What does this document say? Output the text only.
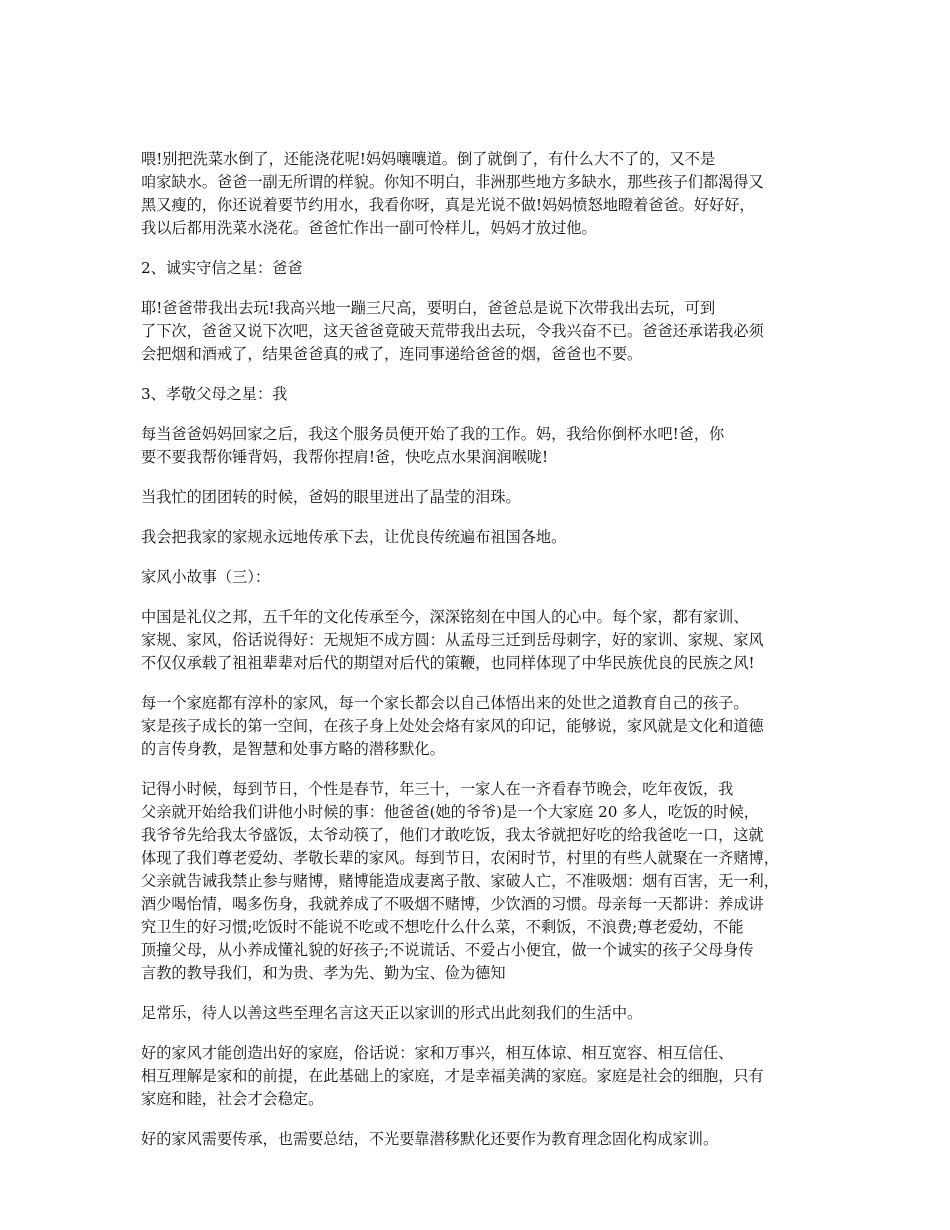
喂!别把洗菜水倒了，还能浇花呢!妈妈嚷嚷道。倒了就倒了，有什么大不了的，又不是
咱家缺水。爸爸一副无所谓的样貌。你知不明白，非洲那些地方多缺水，那些孩子们都渴得又
黑又瘦的，你还说着要节约用水，我看你呀，真是光说不做!妈妈愤怒地瞪着爸爸。好好好，
我以后都用洗菜水浇花。爸爸忙作出一副可怜样儿，妈妈才放过他。

2、诚实守信之星：爸爸

耶!爸爸带我出去玩!我高兴地一蹦三尺高，要明白，爸爸总是说下次带我出去玩，可到
了下次，爸爸又说下次吧，这天爸爸竟破天荒带我出去玩，令我兴奋不已。爸爸还承诺我必须
会把烟和酒戒了，结果爸爸真的戒了，连同事递给爸爸的烟，爸爸也不要。

3、孝敬父母之星：我

每当爸爸妈妈回家之后，我这个服务员便开始了我的工作。妈，我给你倒杯水吧!爸，你
要不要我帮你锤背妈，我帮你捏肩!爸，快吃点水果润润喉咙!

当我忙的团团转的时候，爸妈的眼里迸出了晶莹的泪珠。

我会把我家的家规永远地传承下去，让优良传统遍布祖国各地。

家风小故事（三）：

中国是礼仪之邦，五千年的文化传承至今，深深铭刻在中国人的心中。每个家，都有家训、
家规、家风，俗话说得好：无规矩不成方圆：从孟母三迁到岳母刺字，好的家训、家规、家风
不仅仅承载了祖祖辈辈对后代的期望对后代的策鞭，也同样体现了中华民族优良的民族之风!

每一个家庭都有淳朴的家风，每一个家长都会以自己体悟出来的处世之道教育自己的孩子。
家是孩子成长的第一空间，在孩子身上处处会烙有家风的印记，能够说，家风就是文化和道德
的言传身教，是智慧和处事方略的潜移默化。

记得小时候，每到节日，个性是春节，年三十，一家人在一齐看春节晚会，吃年夜饭，我
父亲就开始给我们讲他小时候的事：他爸爸(她的爷爷)是一个大家庭 20 多人，吃饭的时候，
我爷爷先给我太爷盛饭，太爷动筷了，他们才敢吃饭，我太爷就把好吃的给我爸吃一口，这就
体现了我们尊老爱幼、孝敬长辈的家风。每到节日，农闲时节，村里的有些人就聚在一齐赌博，
父亲就告诫我禁止参与赌博，赌博能造成妻离子散、家破人亡，不准吸烟：烟有百害，无一利，
酒少喝怡情，喝多伤身，我就养成了不吸烟不赌博，少饮酒的习惯。母亲每一天都讲：养成讲
究卫生的好习惯;吃饭时不能说不吃或不想吃什么什么菜，不剩饭，不浪费;尊老爱幼，不能
顶撞父母，从小养成懂礼貌的好孩子;不说谎话、不爱占小便宜，做一个诚实的孩子父母身传
言教的教导我们，和为贵、孝为先、勤为宝、俭为德知

足常乐，待人以善这些至理名言这天正以家训的形式出此刻我们的生活中。

好的家风才能创造出好的家庭，俗话说：家和万事兴，相互体谅、相互宽容、相互信任、
相互理解是家和的前提，在此基础上的家庭，才是幸福美满的家庭。家庭是社会的细胞，只有
家庭和睦，社会才会稳定。

好的家风需要传承，也需要总结，不光要靠潜移默化还要作为教育理念固化构成家训。
